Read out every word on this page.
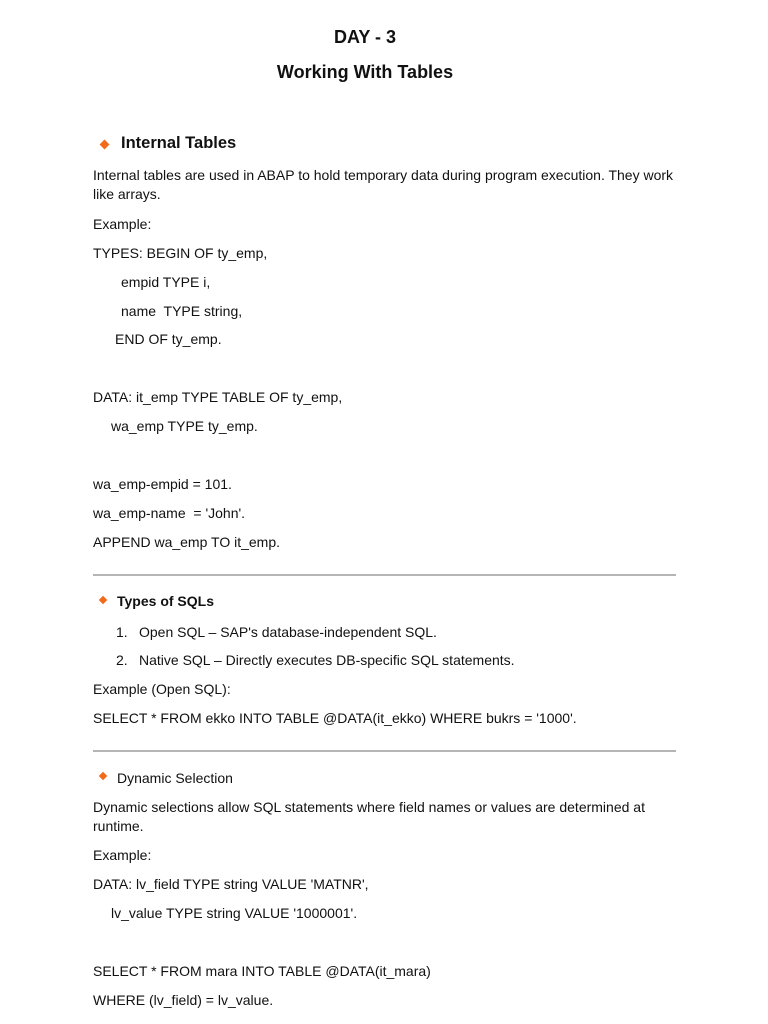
DAY - 3
Working With Tables
Internal Tables
Internal tables are used in ABAP to hold temporary data during program execution. They work like arrays.
Example:
TYPES: BEGIN OF ty_emp,
empid TYPE i,
name  TYPE string,
END OF ty_emp.
DATA: it_emp TYPE TABLE OF ty_emp,
wa_emp TYPE ty_emp.
wa_emp-empid = 101.
wa_emp-name  = 'John'.
APPEND wa_emp TO it_emp.
Types of SQLs
1. Open SQL – SAP's database-independent SQL.
2. Native SQL – Directly executes DB-specific SQL statements.
Example (Open SQL):
SELECT * FROM ekko INTO TABLE @DATA(it_ekko) WHERE bukrs = '1000'.
Dynamic Selection
Dynamic selections allow SQL statements where field names or values are determined at runtime.
Example:
DATA: lv_field TYPE string VALUE 'MATNR',
lv_value TYPE string VALUE '1000001'.
SELECT * FROM mara INTO TABLE @DATA(it_mara)
WHERE (lv_field) = lv_value.
